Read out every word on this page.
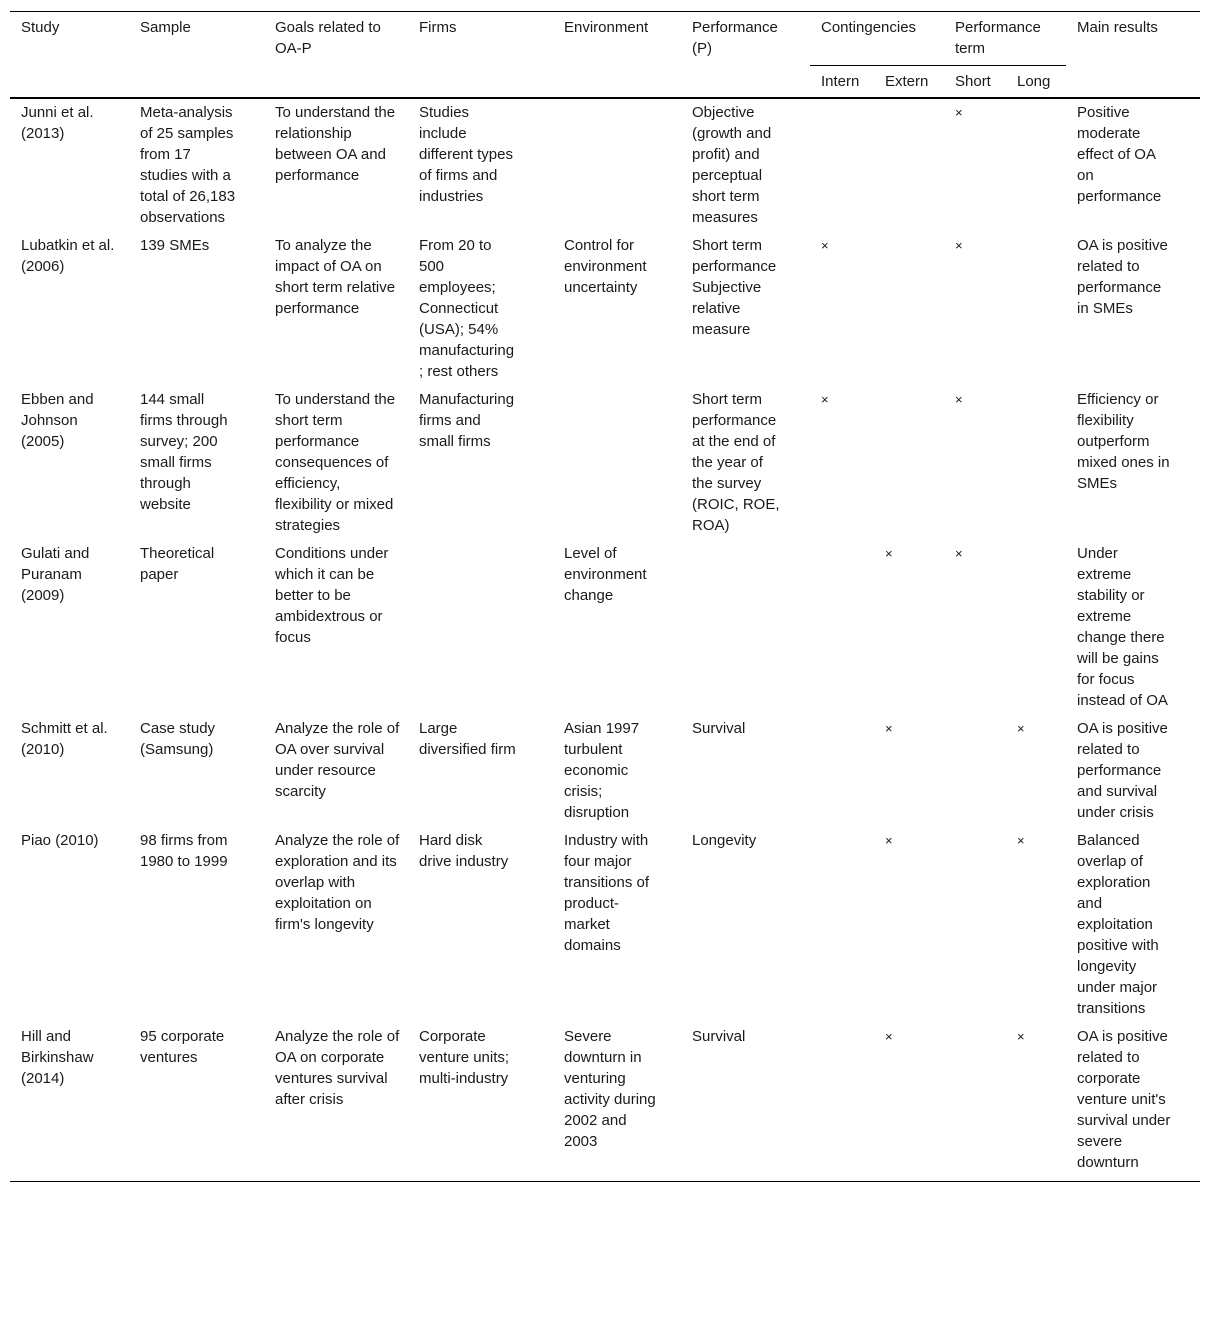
Study	Sample	Goals related to OA-P	Firms	Environment	Performance (P)	Contingencies		Performance term		Main results
						Intern	Extern	Short	Long	
Junni et al. (2013)	Meta-analysis of 25 samples from 17 studies with a total of 26,183 observations	To understand the relationship between OA and performance	Studies include different types of firms and industries		Objective (growth and profit) and perceptual short term measures			×		Positive moderate effect of OA on performance
Lubatkin et al. (2006)	139 SMEs	To analyze the impact of OA on short term relative performance	From 20 to 500 employees; Connecticut (USA); 54% manufacturing; rest others	Control for environment uncertainty	Short term performance Subjective relative measure	×		×		OA is positive related to performance in SMEs
Ebben and Johnson (2005)	144 small firms through survey; 200 small firms through website	To understand the short term performance consequences of efficiency, flexibility or mixed strategies	Manufacturing firms and small firms		Short term performance at the end of the year of the survey (ROIC, ROE, ROA)	×		×		Efficiency or flexibility outperform mixed ones in SMEs
Gulati and Puranam (2009)	Theoretical paper	Conditions under which it can be better to be ambidextrous or focus		Level of environment change			×	×		Under extreme stability or extreme change there will be gains for focus instead of OA
Schmitt et al. (2010)	Case study (Samsung)	Analyze the role of OA over survival under resource scarcity	Large diversified firm	Asian 1997 turbulent economic crisis; disruption	Survival		×		×	OA is positive related to performance and survival under crisis
Piao (2010)	98 firms from 1980 to 1999	Analyze the role of exploration and its overlap with exploitation on firm's longevity	Hard disk drive industry	Industry with four major transitions of product-market domains	Longevity		×		×	Balanced overlap of exploration and exploitation positive with longevity under major transitions
Hill and Birkinshaw (2014)	95 corporate ventures	Analyze the role of OA on corporate ventures survival after crisis	Corporate venture units; multi-industry	Severe downturn in venturing activity during 2002 and 2003	Survival		×		×	OA is positive related to corporate venture unit's survival under severe downturn
